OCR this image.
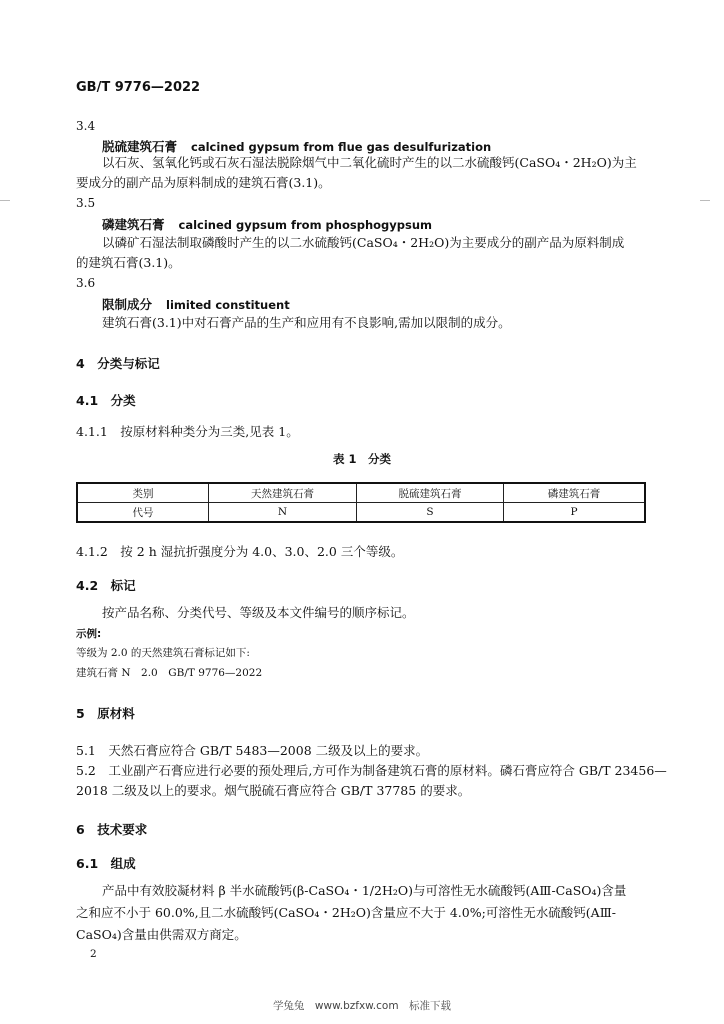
GB/T 9776—2022
3.4
脱硫建筑石膏 calcined gypsum from flue gas desulfurization
以石灰、氢氧化钙或石灰石湿法脱除烟气中二氧化硫时产生的以二水硫酸钙(CaSO₄・2H₂O)为主
要成分的副产品为原料制成的建筑石膏(3.1)。
3.5
磷建筑石膏 calcined gypsum from phosphogypsum
以磷矿石湿法制取磷酸时产生的以二水硫酸钙(CaSO₄・2H₂O)为主要成分的副产品为原料制成
的建筑石膏(3.1)。
3.6
限制成分 limited constituent
建筑石膏(3.1)中对石膏产品的生产和应用有不良影响,需加以限制的成分。
4　分类与标记
4.1　分类
4.1.1　按原材料种类分为三类,见表 1。
表 1　分类
类别	天然建筑石膏	脱硫建筑石膏	磷建筑石膏
代号	N	S	P
4.1.2　按 2 h 湿抗折强度分为 4.0、3.0、2.0 三个等级。
4.2　标记
按产品名称、分类代号、等级及本文件编号的顺序标记。
示例:
等级为 2.0 的天然建筑石膏标记如下:
建筑石膏 N　2.0　GB/T 9776—2022
5　原材料
5.1　天然石膏应符合 GB/T 5483—2008 二级及以上的要求。
5.2　工业副产石膏应进行必要的预处理后,方可作为制备建筑石膏的原材料。磷石膏应符合 GB/T 23456—
2018 二级及以上的要求。烟气脱硫石膏应符合 GB/T 37785 的要求。
6　技术要求
6.1　组成
产品中有效胶凝材料 β 半水硫酸钙(β-CaSO₄・1/2H₂O)与可溶性无水硫酸钙(AⅢ-CaSO₄)含量
之和应不小于 60.0%,且二水硫酸钙(CaSO₄・2H₂O)含量应不大于 4.0%;可溶性无水硫酸钙(AⅢ-
CaSO₄)含量由供需双方商定。
2
学兔兔　www.bzfxw.com　标准下载
